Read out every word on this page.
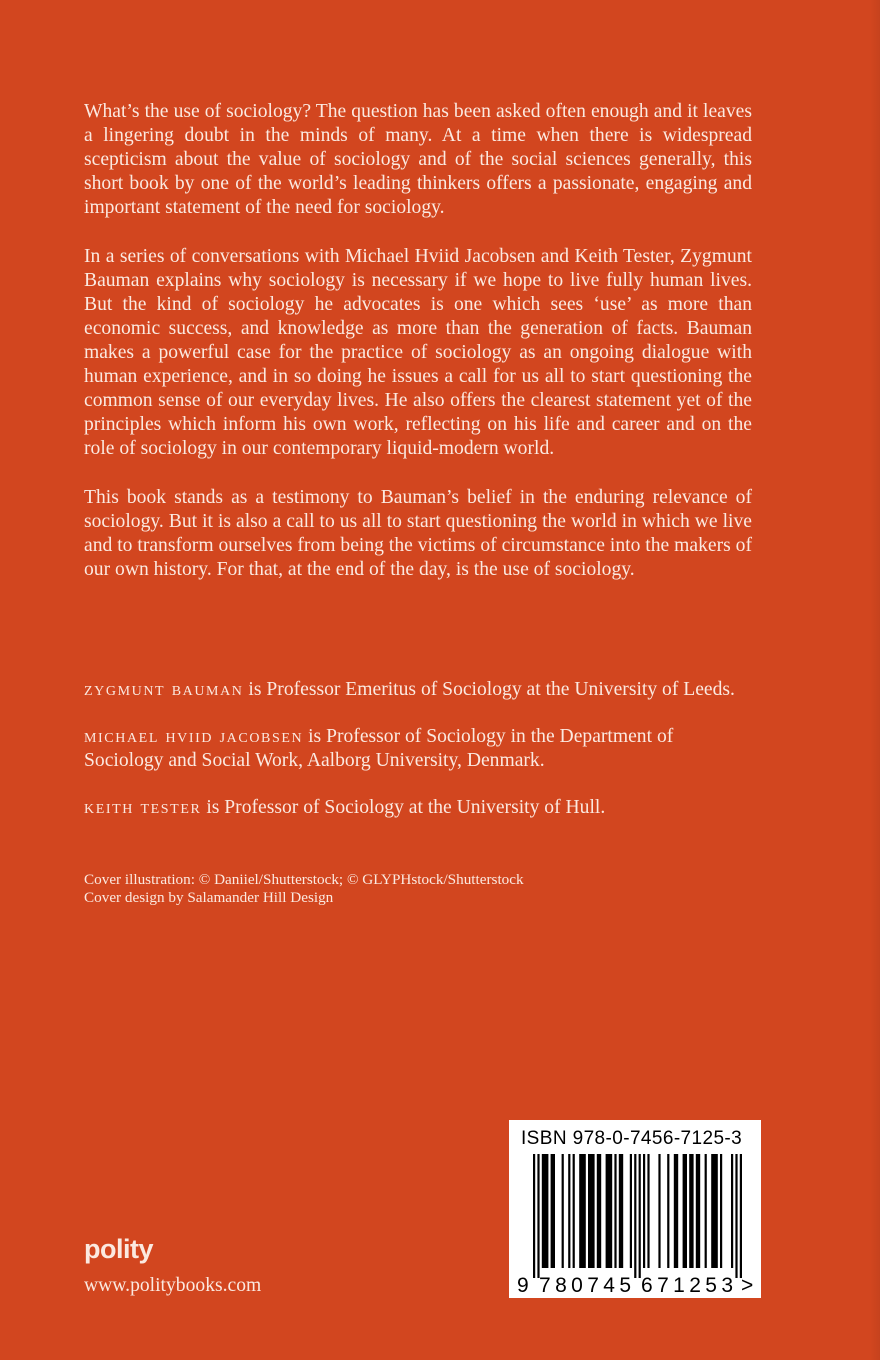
What’s the use of sociology? The question has been asked often enough and it leaves a lingering doubt in the minds of many. At a time when there is widespread scepticism about the value of sociology and of the social sciences generally, this short book by one of the world’s leading thinkers offers a passionate, engaging and important statement of the need for sociology.

In a series of conversations with Michael Hviid Jacobsen and Keith Tester, Zygmunt Bauman explains why sociology is necessary if we hope to live fully human lives. But the kind of sociology he advocates is one which sees ‘use’ as more than economic success, and knowledge as more than the generation of facts. Bauman makes a powerful case for the practice of sociology as an ongoing dialogue with human experience, and in so doing he issues a call for us all to start questioning the common sense of our everyday lives. He also offers the clearest statement yet of the principles which inform his own work, reflecting on his life and career and on the role of sociology in our contemporary liquid-modern world.

This book stands as a testimony to Bauman’s belief in the enduring relevance of sociology. But it is also a call to us all to start questioning the world in which we live and to transform ourselves from being the victims of circumstance into the makers of our own history. For that, at the end of the day, is the use of sociology.

zygmunt bauman is Professor Emeritus of Sociology at the University of Leeds.

michael hviid jacobsen is Professor of Sociology in the Department of Sociology and Social Work, Aalborg University, Denmark.

keith tester is Professor of Sociology at the University of Hull.

Cover illustration: © Daniiel/Shutterstock; © GLYPHstock/Shutterstock
Cover design by Salamander Hill Design
polity
www.politybooks.com
ISBN 978-0-7456-7125-3
9 780745 671253 >
